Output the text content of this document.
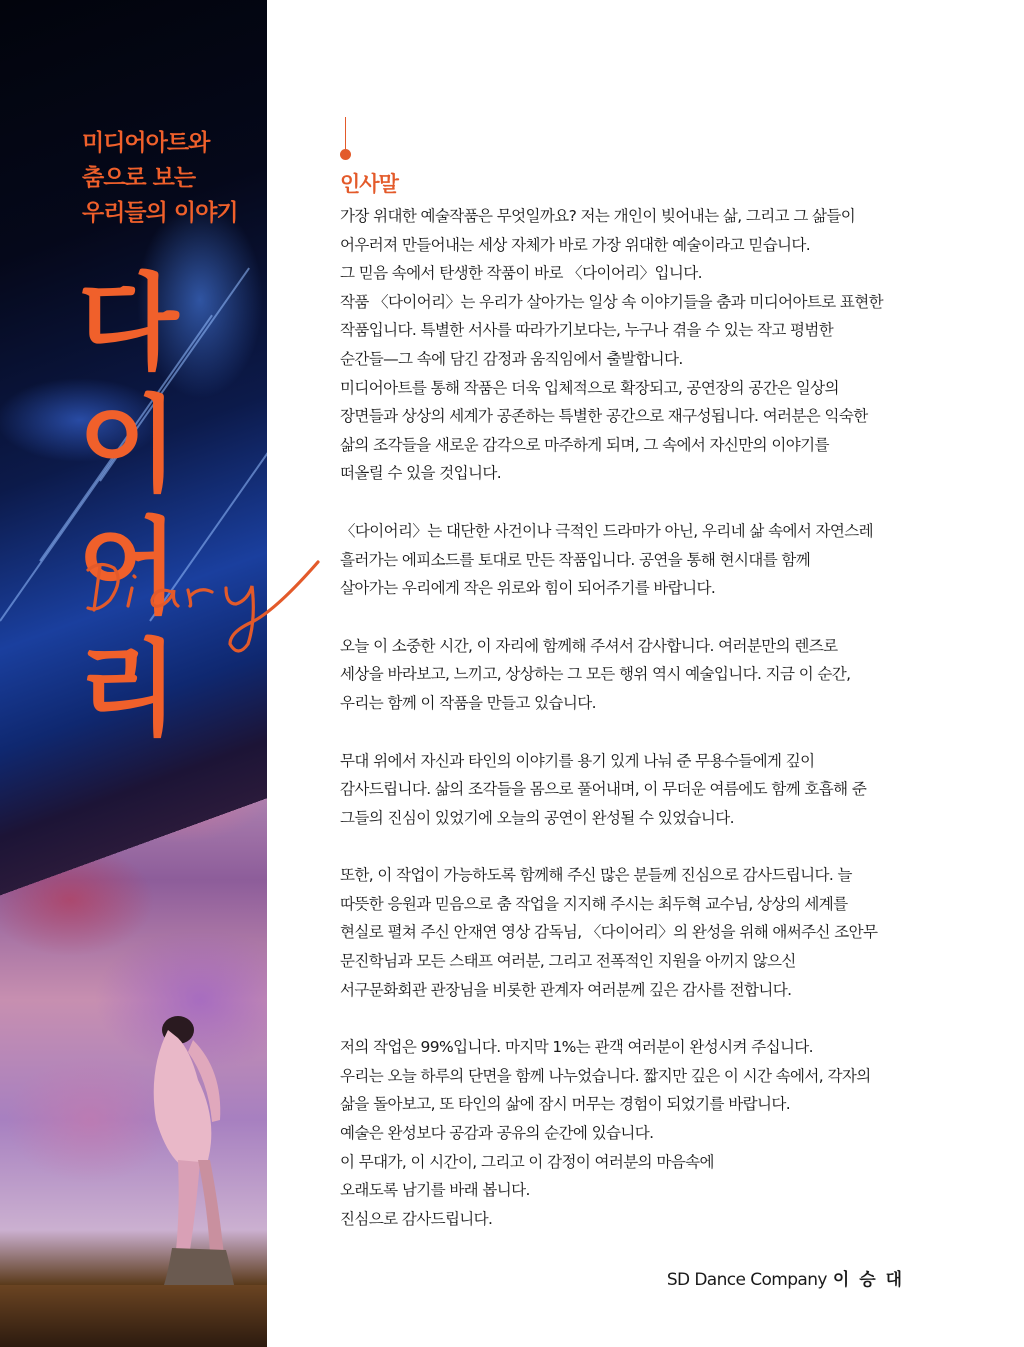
미디어아트와
춤으로 보는
우리들의 이야기
다이
어리
인사말

가장 위대한 예술작품은 무엇일까요? 저는 개인이 빚어내는 삶, 그리고 그 삶들이

어우러져 만들어내는 세상 자체가 바로 가장 위대한 예술이라고 믿습니다.

그 믿음 속에서 탄생한 작품이 바로 〈다이어리〉입니다.

작품 〈다이어리〉는 우리가 살아가는 일상 속 이야기들을 춤과 미디어아트로 표현한

작품입니다. 특별한 서사를 따라가기보다는, 누구나 겪을 수 있는 작고 평범한

순간들—그 속에 담긴 감정과 움직임에서 출발합니다.

미디어아트를 통해 작품은 더욱 입체적으로 확장되고, 공연장의 공간은 일상의

장면들과 상상의 세계가 공존하는 특별한 공간으로 재구성됩니다. 여러분은 익숙한

삶의 조각들을 새로운 감각으로 마주하게 되며, 그 속에서 자신만의 이야기를

떠올릴 수 있을 것입니다.

〈다이어리〉는 대단한 사건이나 극적인 드라마가 아닌, 우리네 삶 속에서 자연스레

흘러가는 에피소드를 토대로 만든 작품입니다. 공연을 통해 현시대를 함께

살아가는 우리에게 작은 위로와 힘이 되어주기를 바랍니다.

오늘 이 소중한 시간, 이 자리에 함께해 주셔서 감사합니다. 여러분만의 렌즈로

세상을 바라보고, 느끼고, 상상하는 그 모든 행위 역시 예술입니다. 지금 이 순간,

우리는 함께 이 작품을 만들고 있습니다.

무대 위에서 자신과 타인의 이야기를 용기 있게 나눠 준 무용수들에게 깊이

감사드립니다. 삶의 조각들을 몸으로 풀어내며, 이 무더운 여름에도 함께 호흡해 준

그들의 진심이 있었기에 오늘의 공연이 완성될 수 있었습니다.

또한, 이 작업이 가능하도록 함께해 주신 많은 분들께 진심으로 감사드립니다. 늘

따뜻한 응원과 믿음으로 춤 작업을 지지해 주시는 최두혁 교수님, 상상의 세계를

현실로 펼쳐 주신 안재연 영상 감독님, 〈다이어리〉의 완성을 위해 애써주신 조안무

문진학님과 모든 스태프 여러분, 그리고 전폭적인 지원을 아끼지 않으신

서구문화회관 관장님을 비롯한 관계자 여러분께 깊은 감사를 전합니다.

저의 작업은 99%입니다. 마지막 1%는 관객 여러분이 완성시켜 주십니다.

우리는 오늘 하루의 단면을 함께 나누었습니다. 짧지만 깊은 이 시간 속에서, 각자의

삶을 돌아보고, 또 타인의 삶에 잠시 머무는 경험이 되었기를 바랍니다.

예술은 완성보다 공감과 공유의 순간에 있습니다.

이 무대가, 이 시간이, 그리고 이 감정이 여러분의 마음속에

오래도록 남기를 바래 봅니다.

진심으로 감사드립니다.

SD Dance Company 이 승 대
